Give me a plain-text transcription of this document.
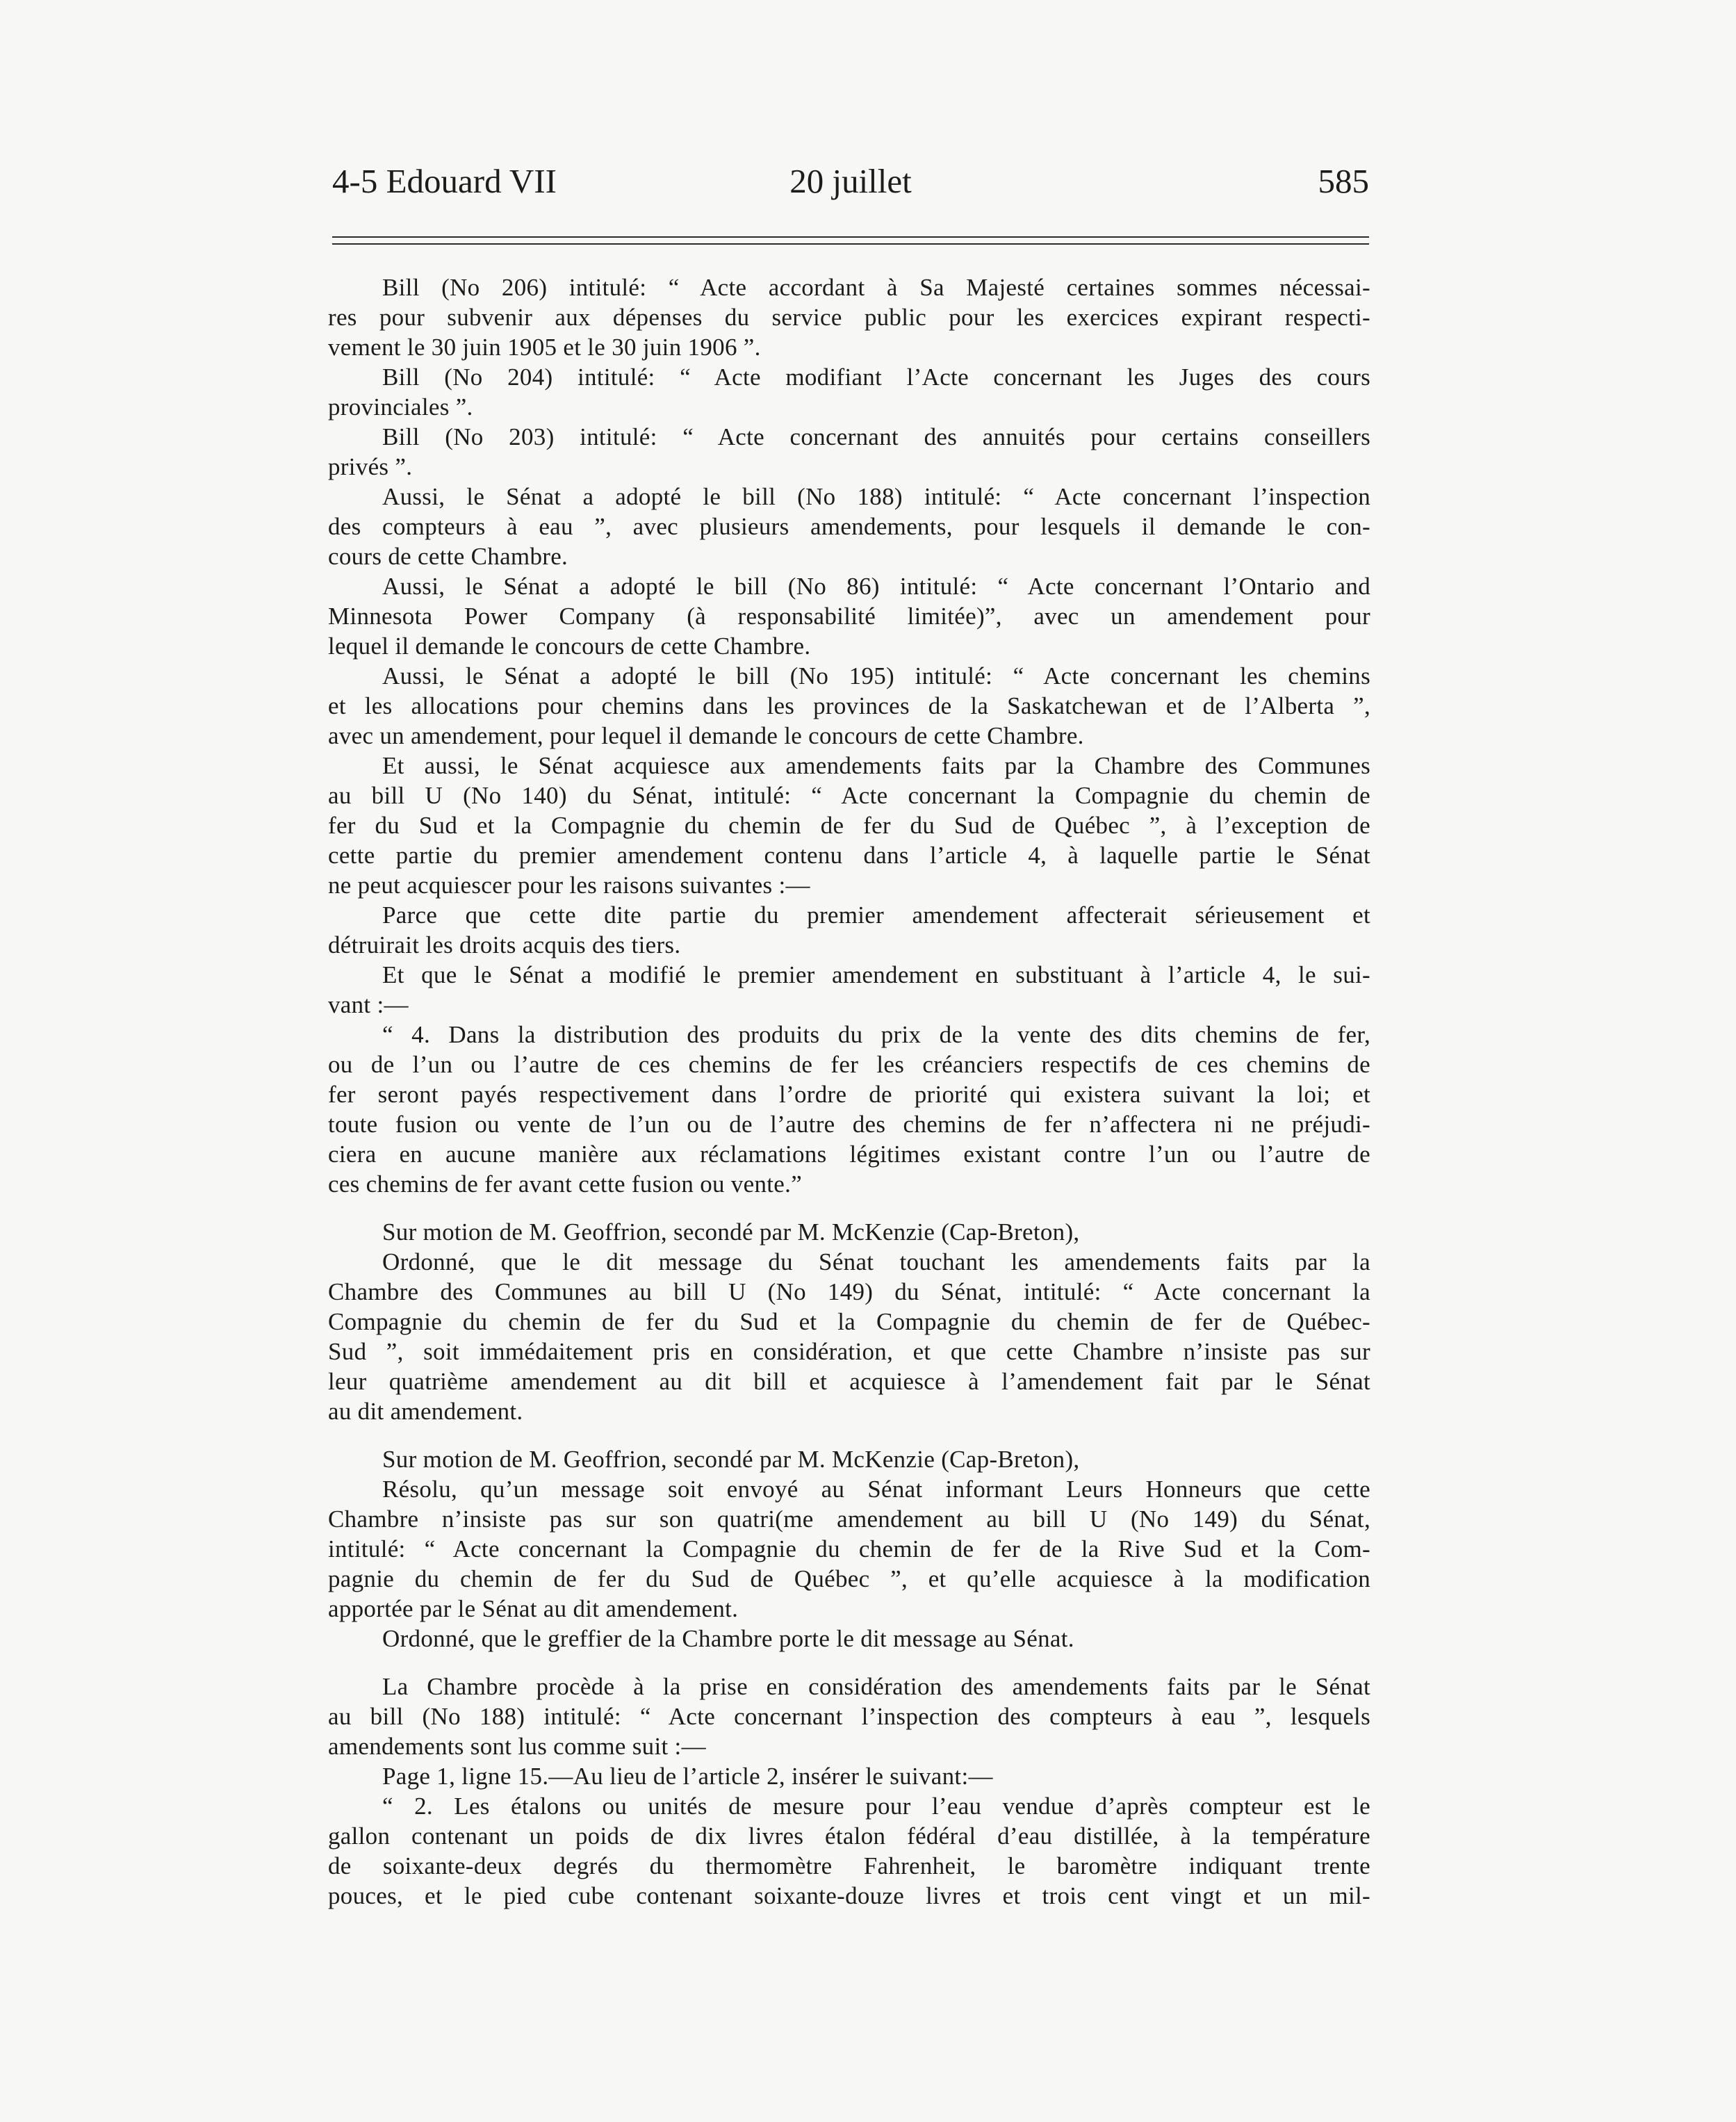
4-5 Edouard VII	20 juillet	585
Bill (No 206) intitulé: “ Acte accordant à Sa Majesté certaines sommes nécessai-
res pour subvenir aux dépenses du service public pour les exercices expirant respecti-
vement le 30 juin 1905 et le 30 juin 1906 ”.
Bill (No 204) intitulé: “ Acte modifiant l’Acte concernant les Juges des cours
provinciales ”.
Bill (No 203) intitulé: “ Acte concernant des annuités pour certains conseillers
privés ”.
Aussi, le Sénat a adopté le bill (No 188) intitulé: “ Acte concernant l’inspection
des compteurs à eau ”, avec plusieurs amendements, pour lesquels il demande le con-
cours de cette Chambre.
Aussi, le Sénat a adopté le bill (No 86) intitulé: “ Acte concernant l’Ontario and
Minnesota Power Company (à responsabilité limitée)”, avec un amendement pour
lequel il demande le concours de cette Chambre.
Aussi, le Sénat a adopté le bill (No 195) intitulé: “ Acte concernant les chemins
et les allocations pour chemins dans les provinces de la Saskatchewan et de l’Alberta ”,
avec un amendement, pour lequel il demande le concours de cette Chambre.
Et aussi, le Sénat acquiesce aux amendements faits par la Chambre des Communes
au bill U (No 140) du Sénat, intitulé: “ Acte concernant la Compagnie du chemin de
fer du Sud et la Compagnie du chemin de fer du Sud de Québec ”, à l’exception de
cette partie du premier amendement contenu dans l’article 4, à laquelle partie le Sénat
ne peut acquiescer pour les raisons suivantes :—
Parce que cette dite partie du premier amendement affecterait sérieusement et
détruirait les droits acquis des tiers.
Et que le Sénat a modifié le premier amendement en substituant à l’article 4, le sui-
vant :—
“ 4. Dans la distribution des produits du prix de la vente des dits chemins de fer,
ou de l’un ou l’autre de ces chemins de fer les créanciers respectifs de ces chemins de
fer seront payés respectivement dans l’ordre de priorité qui existera suivant la loi; et
toute fusion ou vente de l’un ou de l’autre des chemins de fer n’affectera ni ne préjudi-
ciera en aucune manière aux réclamations légitimes existant contre l’un ou l’autre de
ces chemins de fer avant cette fusion ou vente.”
Sur motion de M. Geoffrion, secondé par M. McKenzie (Cap-Breton),
Ordonné, que le dit message du Sénat touchant les amendements faits par la
Chambre des Communes au bill U (No 149) du Sénat, intitulé: “ Acte concernant la
Compagnie du chemin de fer du Sud et la Compagnie du chemin de fer de Québec-
Sud ”, soit immédaitement pris en considération, et que cette Chambre n’insiste pas sur
leur quatrième amendement au dit bill et acquiesce à l’amendement fait par le Sénat
au dit amendement.
Sur motion de M. Geoffrion, secondé par M. McKenzie (Cap-Breton),
Résolu, qu’un message soit envoyé au Sénat informant Leurs Honneurs que cette
Chambre n’insiste pas sur son quatri(me amendement au bill U (No 149) du Sénat,
intitulé: “ Acte concernant la Compagnie du chemin de fer de la Rive Sud et la Com-
pagnie du chemin de fer du Sud de Québec ”, et qu’elle acquiesce à la modification
apportée par le Sénat au dit amendement.
Ordonné, que le greffier de la Chambre porte le dit message au Sénat.
La Chambre procède à la prise en considération des amendements faits par le Sénat
au bill (No 188) intitulé: “ Acte concernant l’inspection des compteurs à eau ”, lesquels
amendements sont lus comme suit :—
Page 1, ligne 15.—Au lieu de l’article 2, insérer le suivant:—
“ 2. Les étalons ou unités de mesure pour l’eau vendue d’après compteur est le
gallon contenant un poids de dix livres étalon fédéral d’eau distillée, à la température
de soixante-deux degrés du thermomètre Fahrenheit, le baromètre indiquant trente
pouces, et le pied cube contenant soixante-douze livres et trois cent vingt et un mil-
